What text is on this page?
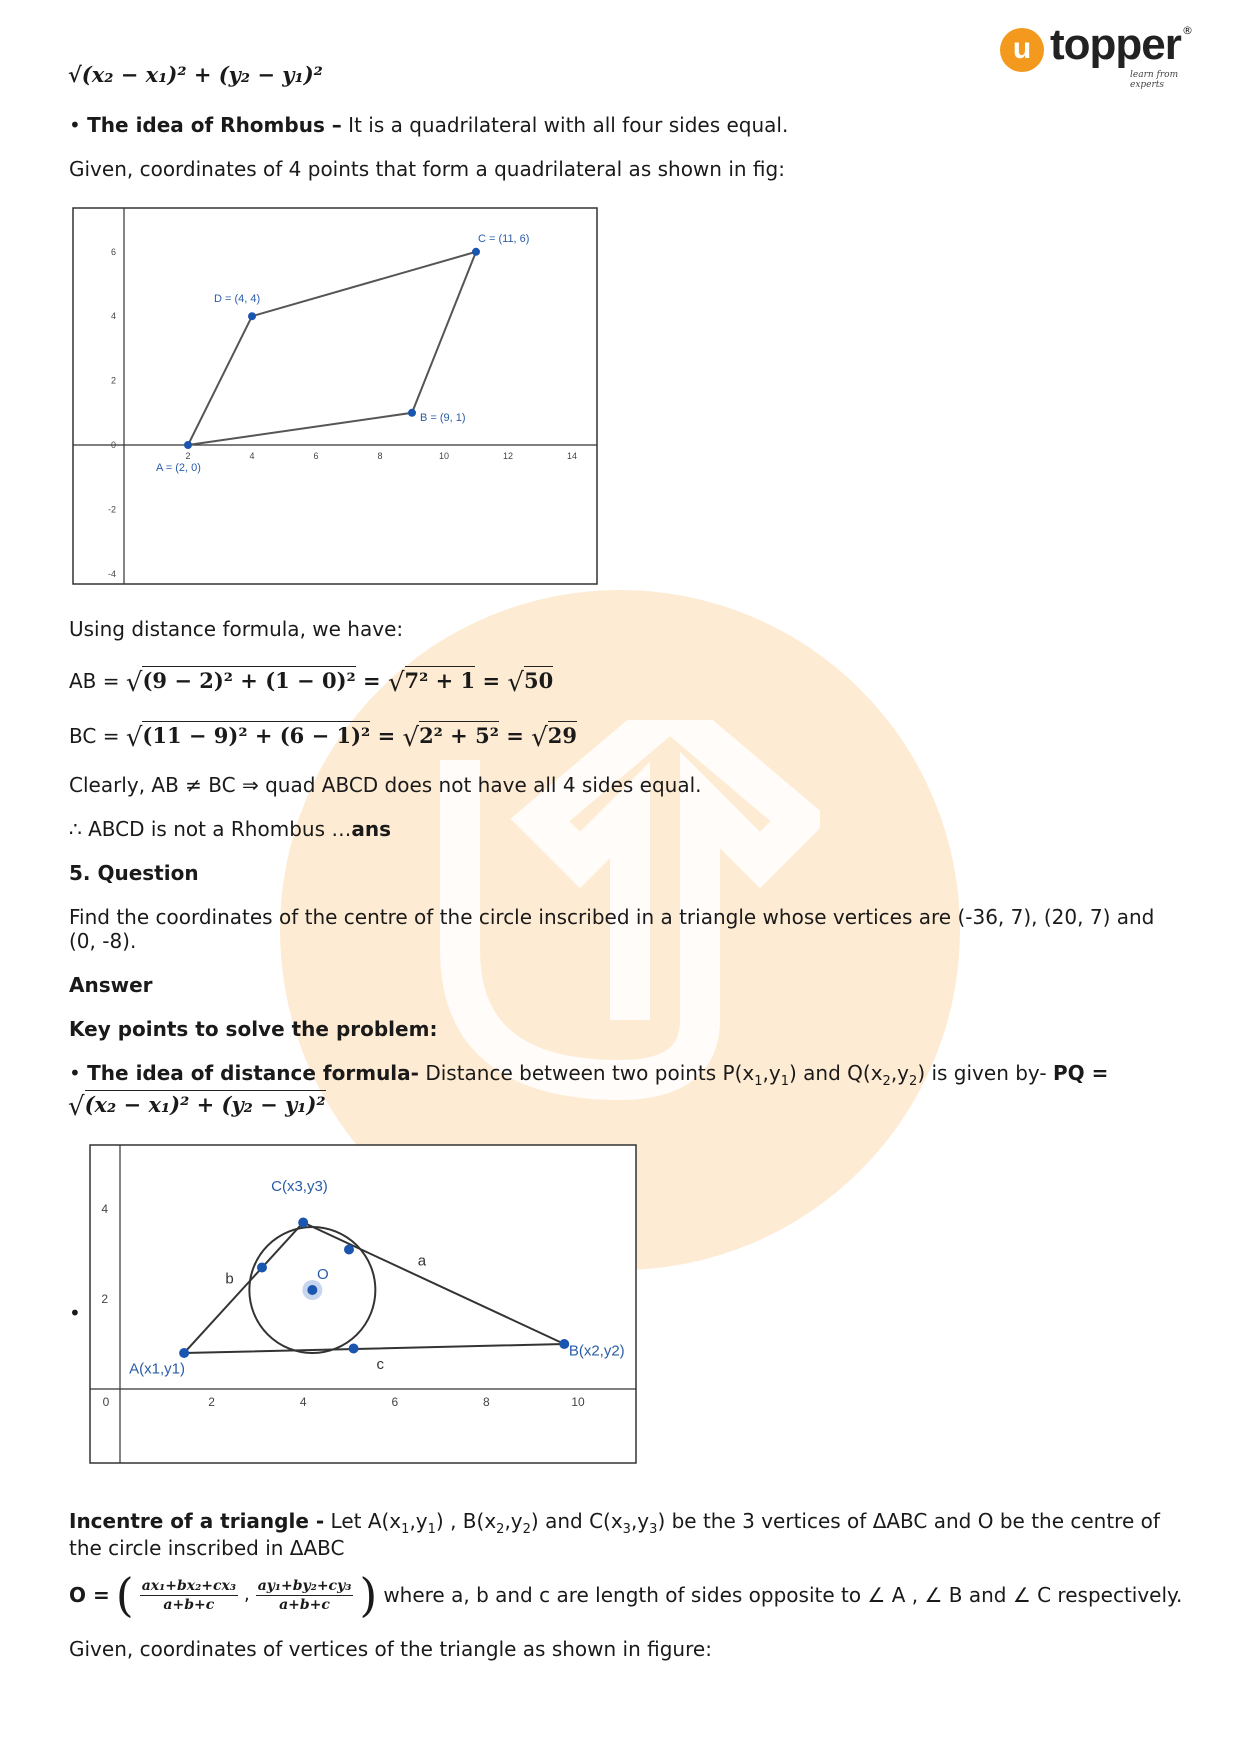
u topper ®
learn from experts
√(x₂ − x₁)² + (y₂ − y₁)²
• The idea of Rhombus – It is a quadrilateral with all four sides equal.
Given, coordinates of 4 points that form a quadrilateral as shown in fig:
2	4	6	8	10	12	14
6
4
2
0
-2
-4
A = (2, 0)
B = (9, 1)
C = (11, 6)
D = (4, 4)
Using distance formula, we have:
AB = √(9 − 2)² + (1 − 0)² = √7² + 1 = √50
BC = √(11 − 9)² + (6 − 1)² = √2² + 5² = √29
Clearly, AB ≠ BC ⇒ quad ABCD does not have all 4 sides equal.
∴ ABCD is not a Rhombus …ans
5. Question
Find the coordinates of the centre of the circle inscribed in a triangle whose vertices are (-36, 7), (20, 7) and
(0, -8).
Answer
Key points to solve the problem:
• The idea of distance formula- Distance between two points $P(x_1,y_1)$ and $Q(x_2,y_2)$ is given by- PQ =
√(x₂ − x₁)² + (y₂ − y₁)²
•
0	2	4	6	8	10
4
2
C(x3,y3)
A(x1,y1)
B(x2,y2)
O
a
b
c
Incentre of a triangle - Let $A(x_1,y_1)$ , $B(x_2,y_2)$ and $C(x_3,y_3)$ be the 3 vertices of ΔABC and O be the centre of
the circle inscribed in ΔABC
O = ( $\frac{\text{ax₁+bx₂+cx₃}}{a+b+c}$ , $\frac{\text{ay₁+by₂+cy₃}}{a+b+c}$ ) where a, b and c are length of sides opposite to ∠ A , ∠ B and ∠ C respectively.
Given, coordinates of vertices of the triangle as shown in figure:
